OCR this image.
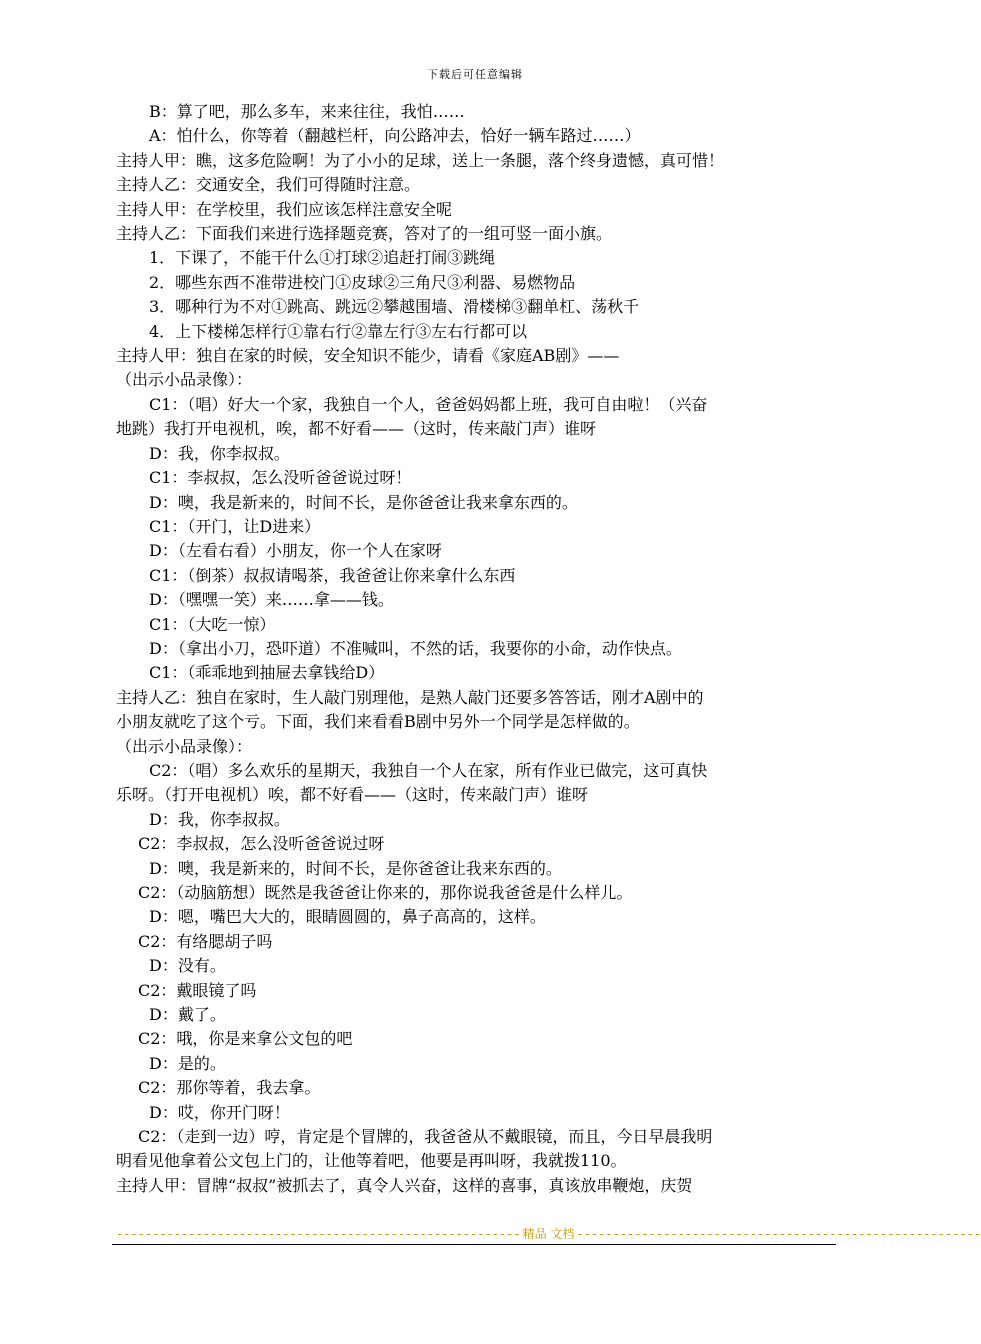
下载后可任意编辑
B：算了吧，那么多车，来来往往，我怕……
A：怕什么，你等着（翻越栏杆，向公路冲去，恰好一辆车路过……）
主持人甲：瞧，这多危险啊！为了小小的足球，送上一条腿，落个终身遗憾，真可惜！
主持人乙：交通安全，我们可得随时注意。
主持人甲：在学校里，我们应该怎样注意安全呢
主持人乙：下面我们来进行选择题竞赛，答对了的一组可竖一面小旗。
1．下课了，不能干什么①打球②追赶打闹③跳绳
2．哪些东西不准带进校门①皮球②三角尺③利器、易燃物品
3．哪种行为不对①跳高、跳远②攀越围墙、滑楼梯③翻单杠、荡秋千
4．上下楼梯怎样行①靠右行②靠左行③左右行都可以
主持人甲：独自在家的时候，安全知识不能少，请看《家庭AB剧》——
（出示小品录像）：
C1：（唱）好大一个家，我独自一个人，爸爸妈妈都上班，我可自由啦！（兴奋
地跳）我打开电视机，唉，都不好看——（这时，传来敲门声）谁呀
D：我，你李叔叔。
C1：李叔叔，怎么没听爸爸说过呀！
D：噢，我是新来的，时间不长，是你爸爸让我来拿东西的。
C1：（开门，让D进来）
D：（左看右看）小朋友，你一个人在家呀
C1：（倒茶）叔叔请喝茶，我爸爸让你来拿什么东西
D：（嘿嘿一笑）来……拿——钱。
C1：（大吃一惊）
D：（拿出小刀，恐吓道）不准喊叫，不然的话，我要你的小命，动作快点。
C1：（乖乖地到抽屉去拿钱给D）
主持人乙：独自在家时，生人敲门别理他，是熟人敲门还要多答答话，刚才A剧中的
小朋友就吃了这个亏。下面，我们来看看B剧中另外一个同学是怎样做的。
（出示小品录像）：
C2：（唱）多么欢乐的星期天，我独自一个人在家，所有作业已做完，这可真快
乐呀。（打开电视机）唉，都不好看——（这时，传来敲门声）谁呀
D：我，你李叔叔。
C2：李叔叔，怎么没听爸爸说过呀
D：噢，我是新来的，时间不长，是你爸爸让我来东西的。
C2：（动脑筋想）既然是我爸爸让你来的，那你说我爸爸是什么样儿。
D：嗯，嘴巴大大的，眼睛圆圆的，鼻子高高的，这样。
C2：有络腮胡子吗
D：没有。
C2：戴眼镜了吗
D：戴了。
C2：哦，你是来拿公文包的吧
D：是的。
C2：那你等着，我去拿。
D：哎，你开门呀！
C2：（走到一边）哼，肯定是个冒牌的，我爸爸从不戴眼镜，而且，今日早晨我明
明看见他拿着公文包上门的，让他等着吧，他要是再叫呀，我就拨110。
主持人甲：冒牌“叔叔”被抓去了，真令人兴奋，这样的喜事，真该放串鞭炮，庆贺
-------------------------------------------------------- 精品 文档 --------------------------------------------------------
